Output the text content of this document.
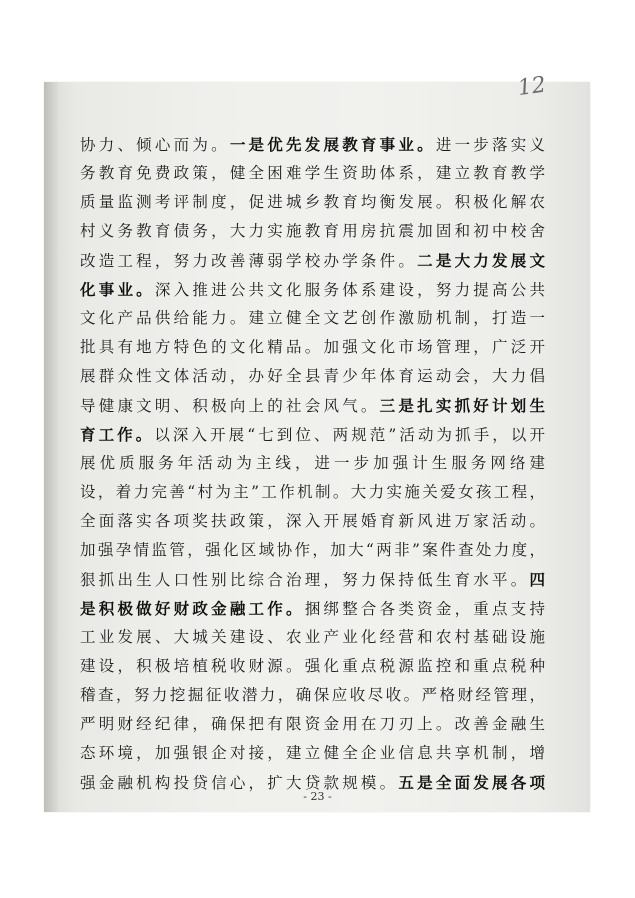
12
协力、倾心而为。一是优先发展教育事业。进一步落实义
务教育免费政策，健全困难学生资助体系，建立教育教学
质量监测考评制度，促进城乡教育均衡发展。积极化解农
村义务教育债务，大力实施教育用房抗震加固和初中校舍
改造工程，努力改善薄弱学校办学条件。二是大力发展文
化事业。深入推进公共文化服务体系建设，努力提高公共
文化产品供给能力。建立健全文艺创作激励机制，打造一
批具有地方特色的文化精品。加强文化市场管理，广泛开
展群众性文体活动，办好全县青少年体育运动会，大力倡
导健康文明、积极向上的社会风气。三是扎实抓好计划生
育工作。以深入开展“七到位、两规范”活动为抓手，以开
展优质服务年活动为主线，进一步加强计生服务网络建
设，着力完善“村为主”工作机制。大力实施关爱女孩工程，
全面落实各项奖扶政策，深入开展婚育新风进万家活动。
加强孕情监管，强化区域协作，加大“两非”案件查处力度，
狠抓出生人口性别比综合治理，努力保持低生育水平。四
是积极做好财政金融工作。捆绑整合各类资金，重点支持
工业发展、大城关建设、农业产业化经营和农村基础设施
建设，积极培植税收财源。强化重点税源监控和重点税种
稽查，努力挖掘征收潜力，确保应收尽收。严格财经管理，
严明财经纪律，确保把有限资金用在刀刃上。改善金融生
态环境，加强银企对接，建立健全企业信息共享机制，增
强金融机构投贷信心，扩大贷款规模。五是全面发展各项
- 23 -
